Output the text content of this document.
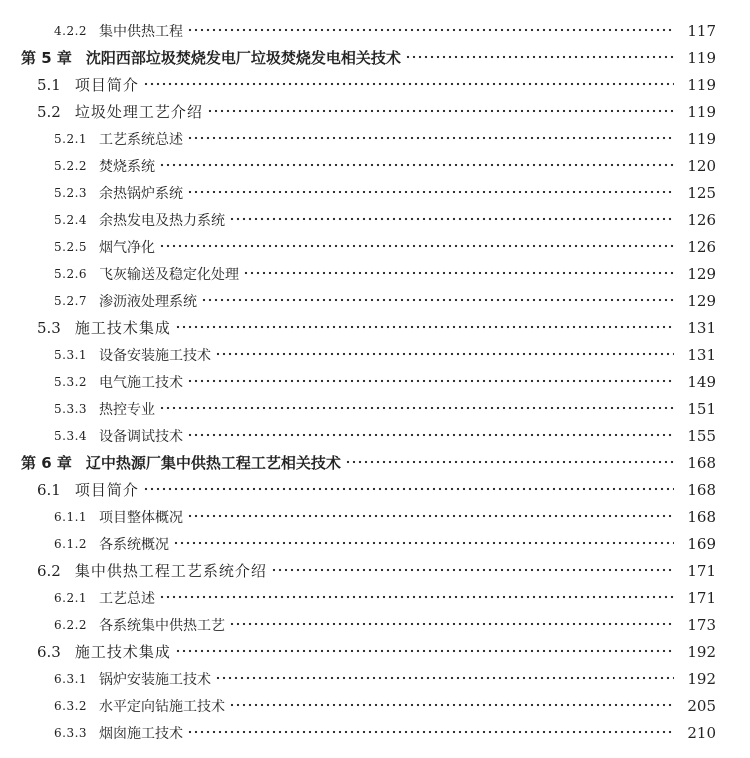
4.2.2 集中供热工程	117
第 5 章 沈阳西部垃圾焚烧发电厂垃圾焚烧发电相关技术	119
5.1 项目简介	119
5.2 垃圾处理工艺介绍	119
5.2.1 工艺系统总述	119
5.2.2 焚烧系统	120
5.2.3 余热锅炉系统	125
5.2.4 余热发电及热力系统	126
5.2.5 烟气净化	126
5.2.6 飞灰输送及稳定化处理	129
5.2.7 渗沥液处理系统	129
5.3 施工技术集成	131
5.3.1 设备安装施工技术	131
5.3.2 电气施工技术	149
5.3.3 热控专业	151
5.3.4 设备调试技术	155
第 6 章 辽中热源厂集中供热工程工艺相关技术	168
6.1 项目简介	168
6.1.1 项目整体概况	168
6.1.2 各系统概况	169
6.2 集中供热工程工艺系统介绍	171
6.2.1 工艺总述	171
6.2.2 各系统集中供热工艺	173
6.3 施工技术集成	192
6.3.1 锅炉安装施工技术	192
6.3.2 水平定向钻施工技术	205
6.3.3 烟囱施工技术	210
